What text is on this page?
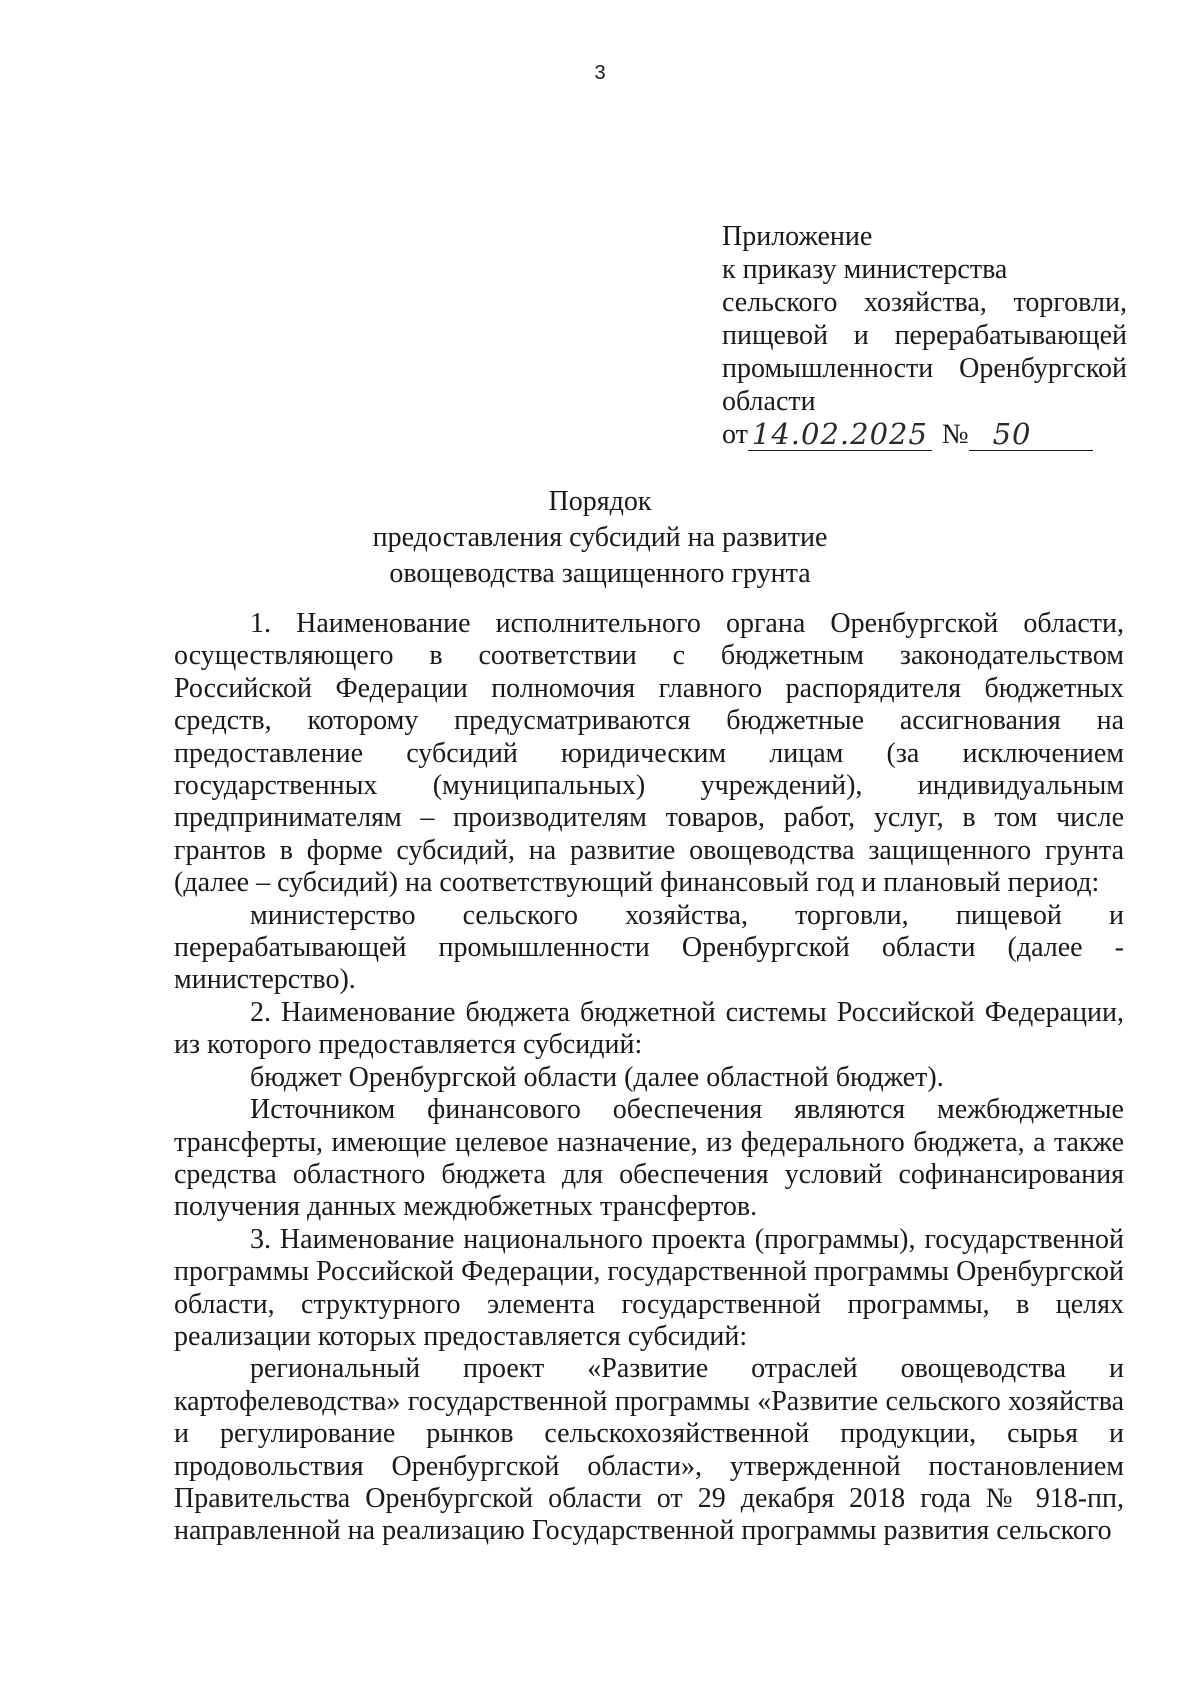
3
Приложение
к приказу министерства
сельского хозяйства, торговли,
пищевой и перерабатывающей
промышленности Оренбургской
области
от 14.02.2025 № 50
Порядок
предоставления субсидий на развитие
овощеводства защищенного грунта

1. Наименование исполнительного органа Оренбургской области, осуществляющего в соответствии с бюджетным законодательством Российской Федерации полномочия главного распорядителя бюджетных средств, которому предусматриваются бюджетные ассигнования на предоставление субсидий юридическим лицам (за исключением государственных (муниципальных) учреждений), индивидуальным предпринимателям – производителям товаров, работ, услуг, в том числе грантов в форме субсидий, на развитие овощеводства защищенного грунта (далее – субсидий) на соответствующий финансовый год и плановый период:

министерство сельского хозяйства, торговли, пищевой и перерабатывающей промышленности Оренбургской области (далее - министерство).

2. Наименование бюджета бюджетной системы Российской Федерации, из которого предоставляется субсидий:

бюджет Оренбургской области (далее областной бюджет).

Источником финансового обеспечения являются межбюджетные трансферты, имеющие целевое назначение, из федерального бюджета, а также средства областного бюджета для обеспечения условий софинансирования получения данных междюбжетных трансфертов.

3. Наименование национального проекта (программы), государственной программы Российской Федерации, государственной программы Оренбургской области, структурного элемента государственной программы, в целях реализации которых предоставляется субсидий:

региональный проект «Развитие отраслей овощеводства и картофелеводства» государственной программы «Развитие сельского хозяйства и регулирование рынков сельскохозяйственной продукции, сырья и продовольствия Оренбургской области», утвержденной постановлением Правительства Оренбургской области от 29 декабря 2018 года № 918-пп, направленной на реализацию Государственной программы развития сельского
